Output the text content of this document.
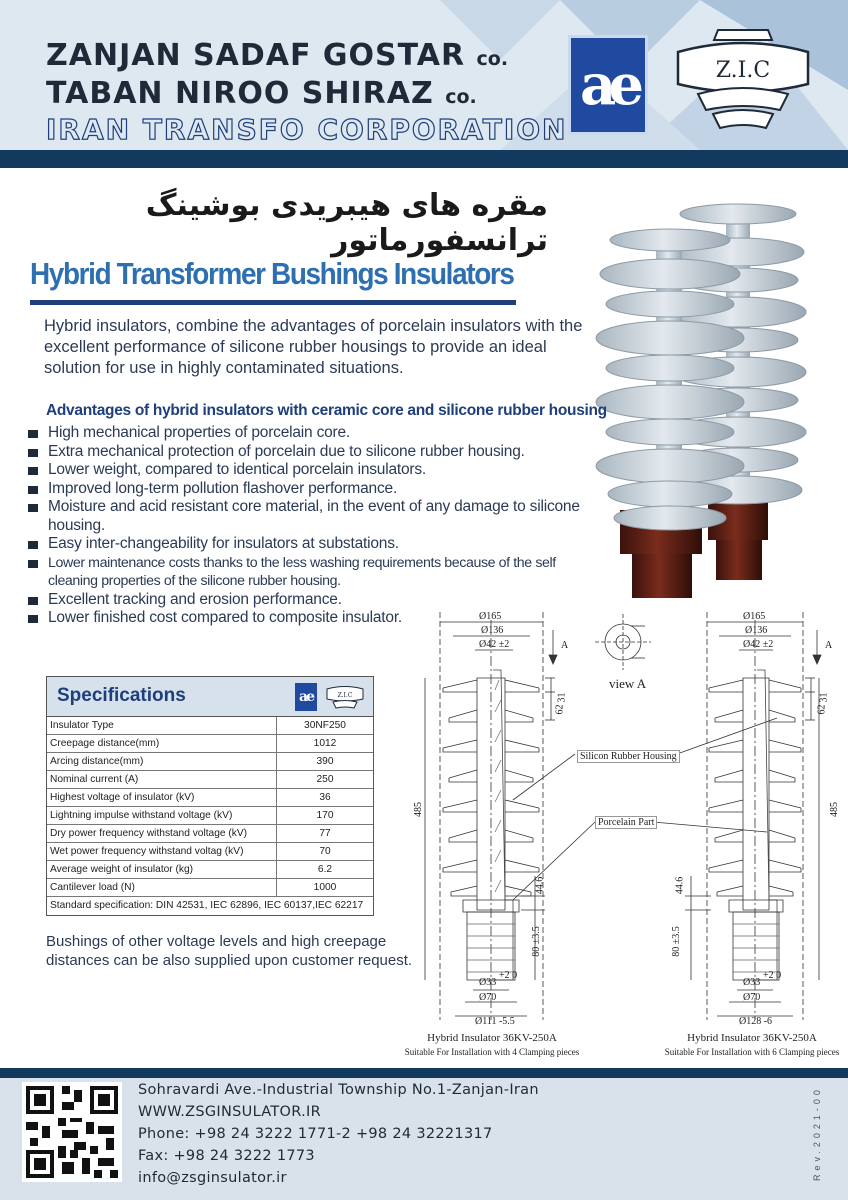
ZANJAN SADAF GOSTAR co.
TABAN NIROO SHIRAZ co.
IRAN TRANSFO CORPORATION
ae	Z.I.C
مقره های هیبریدی بوشینگ ترانسفورماتور
Hybrid Transformer Bushings Insulators

Hybrid insulators, combine the advantages of porcelain insulators with the excellent performance of silicone rubber housings to provide an ideal solution for use in highly contaminated situations.

Advantages of hybrid insulators with ceramic core and silicone rubber housing
High mechanical properties of porcelain core.
Extra mechanical protection of porcelain due to silicone rubber housing.
Lower weight, compared to identical porcelain insulators.
Improved long-term pollution flashover performance.
Moisture and acid resistant core material, in the event of any damage to silicone housing.
Easy inter-changeability for insulators at substations.
Lower maintenance costs thanks to the less washing requirements because of the self cleaning properties of the silicone rubber housing.
Excellent tracking and erosion performance.
Lower finished cost compared to composite insulator.
Specifications	ae	Z.I.C
Insulator Type	30NF250
Creepage distance(mm)	1012
Arcing distance(mm)	390
Nominal current (A)	250
Highest voltage of insulator (kV)	36
Lightning impulse withstand voltage (kV)	170
Dry power frequency withstand voltage (kV)	77
Wet power frequency withstand voltag (kV)	70
Average weight of insulator (kg)	6.2
Cantilever load (N)	1000
Standard specification: DIN 42531, IEC 62896, IEC 60137,IEC 62217

Bushings of other voltage levels and high creepage distances can be also supplied upon customer request.

Ø165
Ø136
Ø42 ±2	A
31
62
485
44.6
80 ±3.5
Ø33
+2 0
Ø70
Ø111 -5.5
view A
Silicon Rubber Housing
Porcelain Part
Ø165
Ø136
Ø42 ±2	A
31
62
485
44.6
80 ±3.5
Ø33
+2 0
Ø70
Ø128 -6
Hybrid Insulator 36KV-250A
Suitable For Installation with 4 Clamping pieces
Hybrid Insulator 36KV-250A
Suitable For Installation with 6 Clamping pieces
Sohravardi Ave.-Industrial Township No.1-Zanjan-Iran
WWW.ZSGINSULATOR.IR
Phone: +98 24 3222 1771-2 +98 24 32221317
Fax: +98 24 3222 1773
info@zsginsulator.ir	Rev.2021-00
